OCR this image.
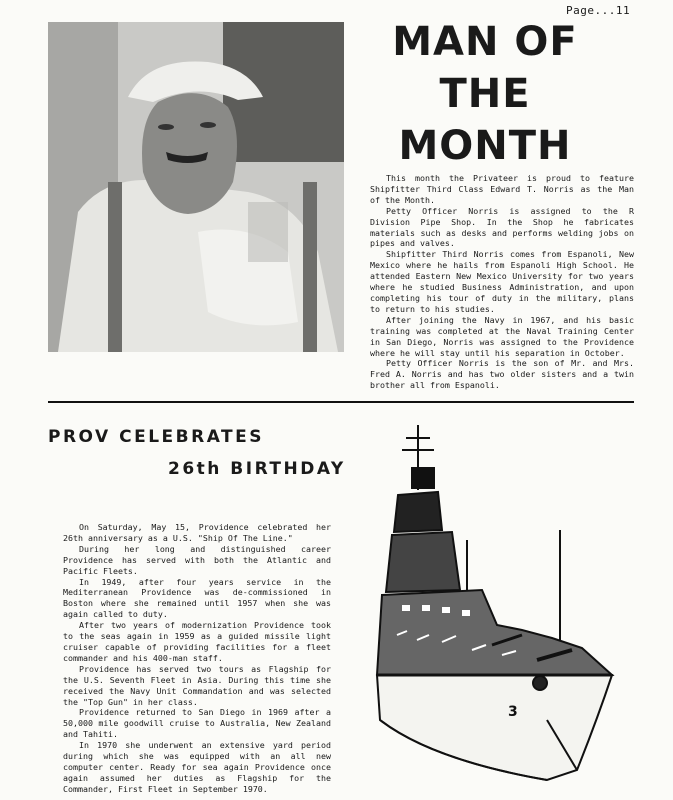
Page...11
MAN OF
THE
MONTH

This month the Privateer is proud to feature Shipfitter Third Class Edward T. Norris as the Man of the Month.

Petty Officer Norris is assigned to the R Division Pipe Shop. In the Shop he fabricates materials such as desks and performs welding jobs on pipes and valves.

Shipfitter Third Norris comes from Espanoli, New Mexico where he hails from Espanoli High School. He attended Eastern New Mexico University for two years where he studied Business Administration, and upon completing his tour of duty in the military, plans to return to his studies.

After joining the Navy in 1967, and his basic training was completed at the Naval Training Center in San Diego, Norris was assigned to the Providence where he will stay until his separation in October.

Petty Officer Norris is the son of Mr. and Mrs. Fred A. Norris and has two older sisters and a twin brother all from Espanoli.

PROV CELEBRATES
26th BIRTHDAY

On Saturday, May 15, Providence celebrated her 26th anniversary as a U.S. "Ship Of The Line."

During her long and distinguished career Providence has served with both the Atlantic and Pacific Fleets.

In 1949, after four years service in the Mediterranean Providence was de-commissioned in Boston where she remained until 1957 when she was again called to duty.

After two years of modernization Providence took to the seas again in 1959 as a guided missile light cruiser capable of providing facilities for a fleet commander and his 400-man staff.

Providence has served two tours as Flagship for the U.S. Seventh Fleet in Asia. During this time she received the Navy Unit Commandation and was selected the "Top Gun" in her class.

Providence returned to San Diego in 1969 after a 50,000 mile goodwill cruise to Australia, New Zealand and Tahiti.

In 1970 she underwent an extensive yard period during which she was equipped with an all new computer center. Ready for sea again Providence once again assumed her duties as Flagship for the Commander, First Fleet in September 1970.

3
